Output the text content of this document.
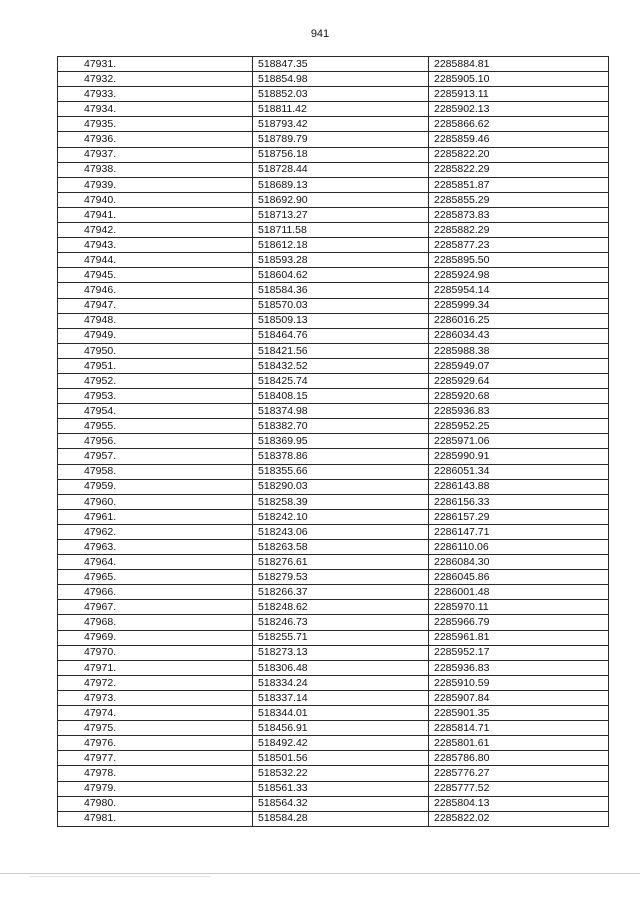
941
47931.	518847.35	2285884.81
47932.	518854.98	2285905.10
47933.	518852.03	2285913.11
47934.	518811.42	2285902.13
47935.	518793.42	2285866.62
47936.	518789.79	2285859.46
47937.	518756.18	2285822.20
47938.	518728.44	2285822.29
47939.	518689.13	2285851.87
47940.	518692.90	2285855.29
47941.	518713.27	2285873.83
47942.	518711.58	2285882.29
47943.	518612.18	2285877.23
47944.	518593.28	2285895.50
47945.	518604.62	2285924.98
47946.	518584.36	2285954.14
47947.	518570.03	2285999.34
47948.	518509.13	2286016.25
47949.	518464.76	2286034.43
47950.	518421.56	2285988.38
47951.	518432.52	2285949.07
47952.	518425.74	2285929.64
47953.	518408.15	2285920.68
47954.	518374.98	2285936.83
47955.	518382.70	2285952.25
47956.	518369.95	2285971.06
47957.	518378.86	2285990.91
47958.	518355.66	2286051.34
47959.	518290.03	2286143.88
47960.	518258.39	2286156.33
47961.	518242.10	2286157.29
47962.	518243.06	2286147.71
47963.	518263.58	2286110.06
47964.	518276.61	2286084.30
47965.	518279.53	2286045.86
47966.	518266.37	2286001.48
47967.	518248.62	2285970.11
47968.	518246.73	2285966.79
47969.	518255.71	2285961.81
47970.	518273.13	2285952.17
47971.	518306.48	2285936.83
47972.	518334.24	2285910.59
47973.	518337.14	2285907.84
47974.	518344.01	2285901.35
47975.	518456.91	2285814.71
47976.	518492.42	2285801.61
47977.	518501.56	2285786.80
47978.	518532.22	2285776.27
47979.	518561.33	2285777.52
47980.	518564.32	2285804.13
47981.	518584.28	2285822.02
